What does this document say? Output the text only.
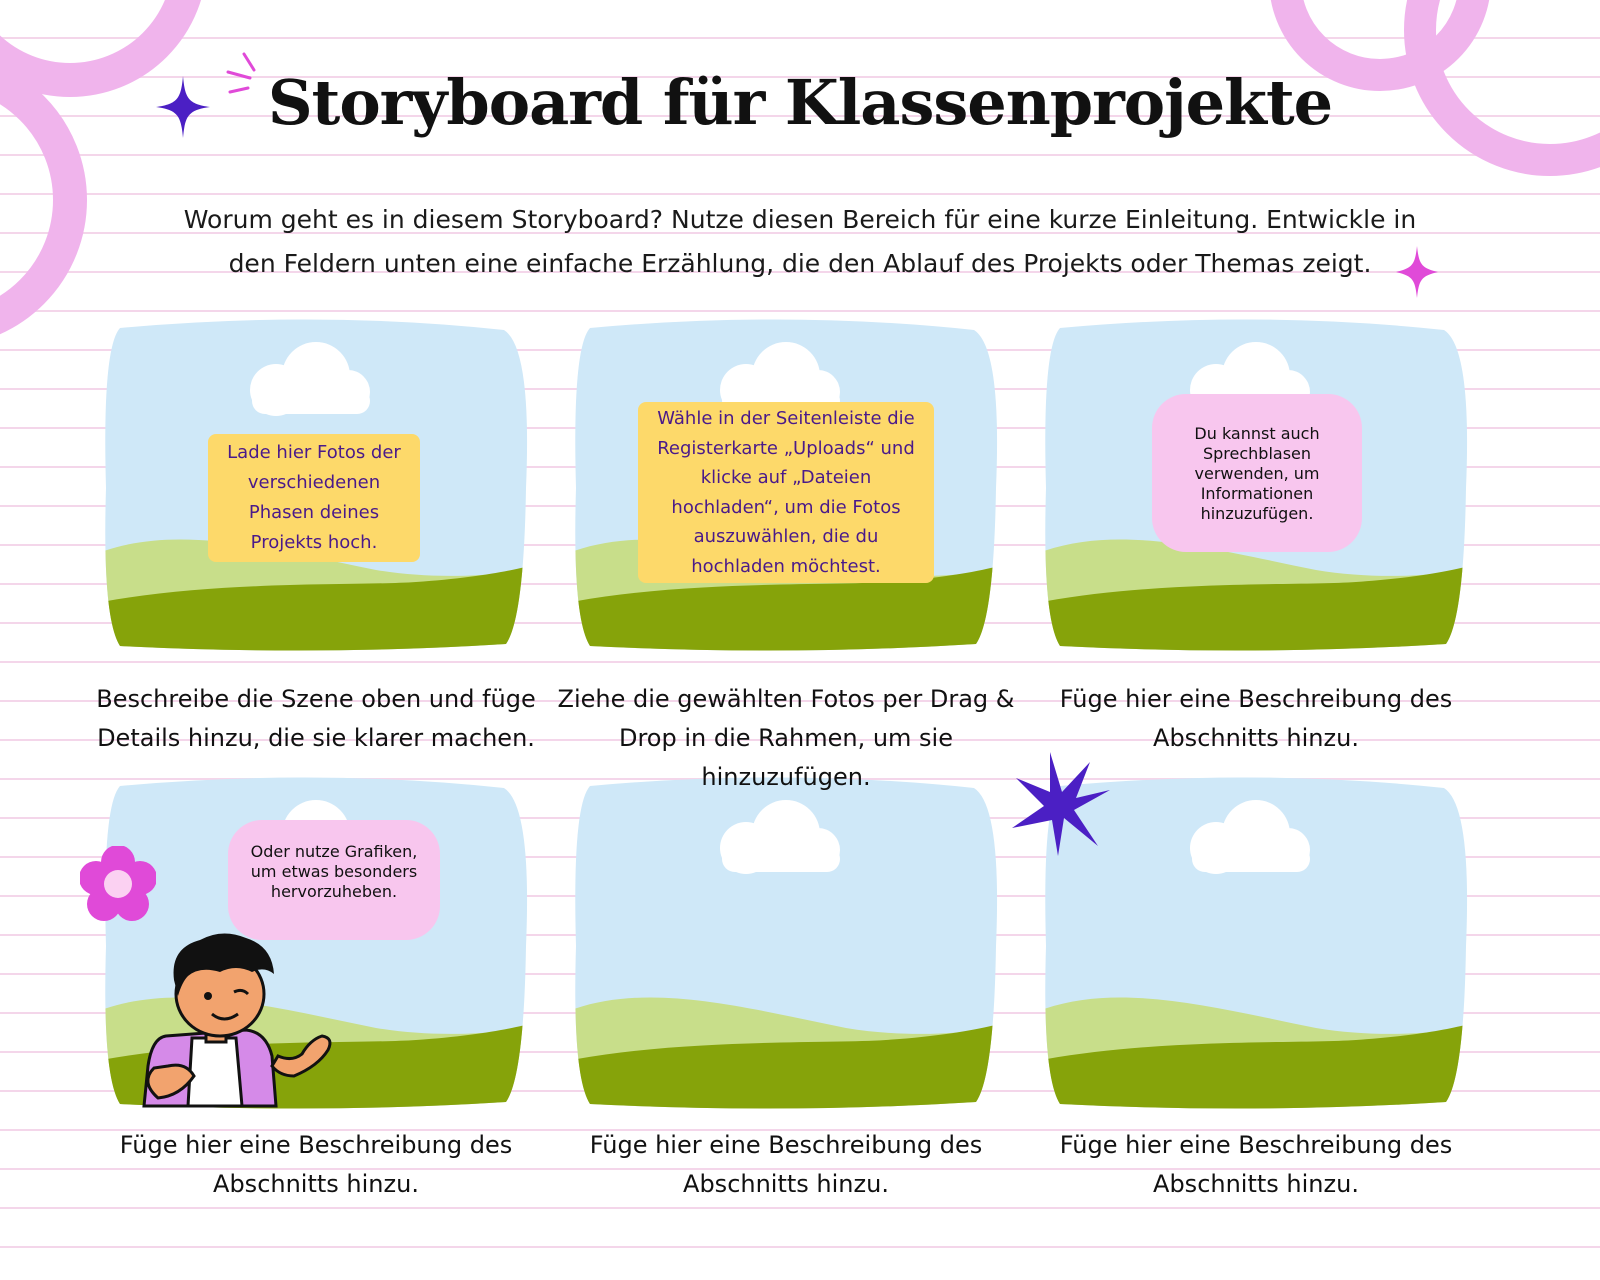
Storyboard für Klassenprojekte

Worum geht es in diesem Storyboard? Nutze diesen Bereich für eine kurze Einleitung. Entwickle in den Feldern unten eine einfache Erzählung, die den Ablauf des Projekts oder Themas zeigt.

Lade hier Fotos der verschiedenen Phasen deines Projekts hoch.
Wähle in der Seitenleiste die Registerkarte „Uploads“ und klicke auf „Dateien hochladen“, um die Fotos auszuwählen, die du hochladen möchtest.
Du kannst auch Sprechblasen verwenden, um Informationen hinzuzufügen.
Oder nutze Grafiken, um etwas besonders hervorzuheben.

Beschreibe die Szene oben und füge Details hinzu, die sie klarer machen.

Ziehe die gewählten Fotos per Drag & Drop in die Rahmen, um sie hinzuzufügen.

Füge hier eine Beschreibung des Abschnitts hinzu.

Füge hier eine Beschreibung des Abschnitts hinzu.

Füge hier eine Beschreibung des Abschnitts hinzu.

Füge hier eine Beschreibung des Abschnitts hinzu.
